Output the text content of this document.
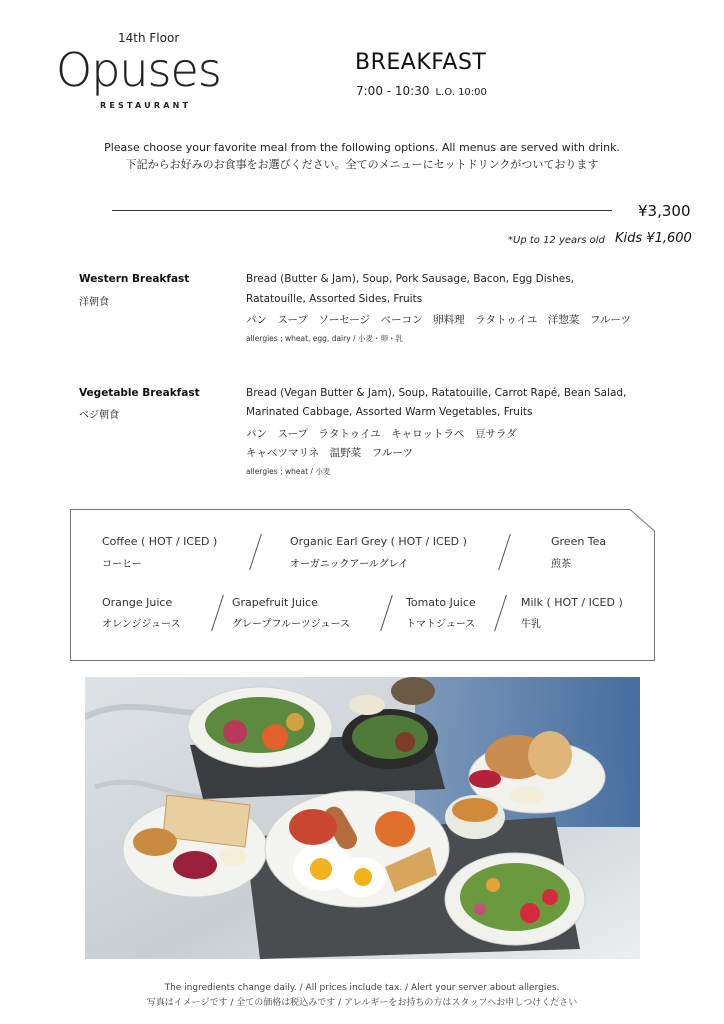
14th Floor
Opuses
RESTAURANT
BREAKFAST
7:00 - 10:30 L.O. 10:00
Please choose your favorite meal from the following options. All menus are served with drink.
下記からお好みのお食事をお選びください。全てのメニューにセットドリンクがついております
¥3,300
*Up to 12 years old Kids ¥1,600
Western Breakfast
洋朝食
Bread (Butter & Jam), Soup, Pork Sausage, Bacon, Egg Dishes,
Ratatouille, Assorted Sides, Fruits
パン　スープ　ソーセージ　ベーコン　卵料理　ラタトゥイユ　洋惣菜　フルーツ
allergies ; wheat, egg, dairy / 小麦・卵・乳
Vegetable Breakfast
ベジ朝食
Bread (Vegan Butter & Jam), Soup, Ratatouille, Carrot Rapé, Bean Salad,
Marinated Cabbage, Assorted Warm Vegetables, Fruits
パン　スープ　ラタトゥイユ　キャロットラペ　豆サラダ
キャベツマリネ　温野菜　フルーツ
allergies ; wheat / 小麦
Coffee ( HOT / ICED )
コーヒー
Organic Earl Grey ( HOT / ICED )
オーガニックアールグレイ
Green Tea
煎茶
Orange Juice
オレンジジュース
Grapefruit Juice
グレープフルーツジュース
Tomato Juice
トマトジュース
Milk ( HOT / ICED )
牛乳
The ingredients change daily. / All prices include tax. / Alert your server about allergies.
写真はイメージです / 全ての価格は税込みです / アレルギーをお持ちの方はスタッフへお申しつけください
